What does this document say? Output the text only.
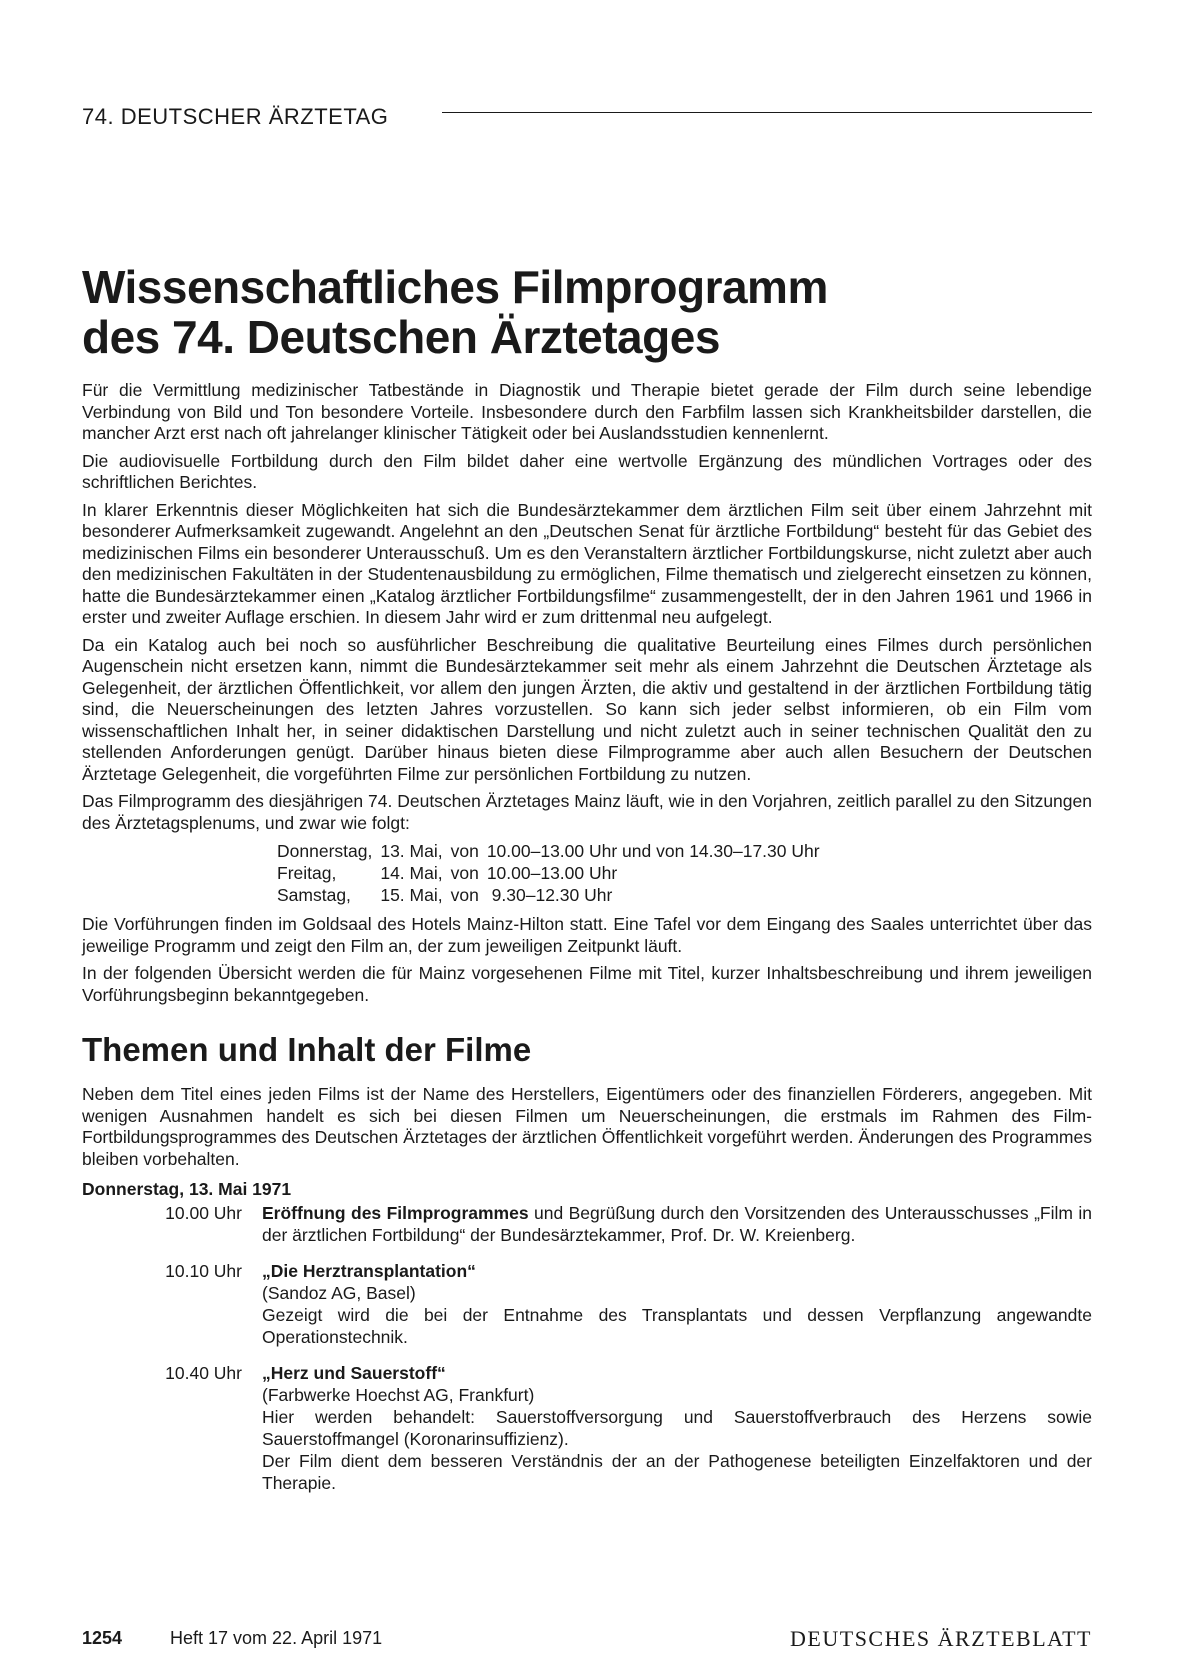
74. DEUTSCHER ÄRZTETAG
Wissenschaftliches Filmprogramm
des 74. Deutschen Ärztetages

Für die Vermittlung medizinischer Tatbestände in Diagnostik und Therapie bietet gerade der Film durch seine lebendige Verbindung von Bild und Ton besondere Vorteile. Insbesondere durch den Farbfilm lassen sich Krankheitsbilder darstellen, die mancher Arzt erst nach oft jahrelanger klinischer Tätigkeit oder bei Auslandsstudien kennenlernt.

Die audiovisuelle Fortbildung durch den Film bildet daher eine wertvolle Ergänzung des mündlichen Vortrages oder des schriftlichen Berichtes.

In klarer Erkenntnis dieser Möglichkeiten hat sich die Bundesärztekammer dem ärztlichen Film seit über einem Jahrzehnt mit besonderer Aufmerksamkeit zugewandt. Angelehnt an den „Deutschen Senat für ärztliche Fortbildung“ besteht für das Gebiet des medizinischen Films ein besonderer Unterausschuß. Um es den Veranstaltern ärztlicher Fortbildungskurse, nicht zuletzt aber auch den medizinischen Fakultäten in der Studentenausbildung zu ermöglichen, Filme thematisch und zielgerecht einsetzen zu können, hatte die Bundesärztekammer einen „Katalog ärztlicher Fortbildungsfilme“ zusammengestellt, der in den Jahren 1961 und 1966 in erster und zweiter Auflage erschien. In diesem Jahr wird er zum drittenmal neu aufgelegt.

Da ein Katalog auch bei noch so ausführlicher Beschreibung die qualitative Beurteilung eines Filmes durch persönlichen Augenschein nicht ersetzen kann, nimmt die Bundesärztekammer seit mehr als einem Jahrzehnt die Deutschen Ärztetage als Gelegenheit, der ärztlichen Öffentlichkeit, vor allem den jungen Ärzten, die aktiv und gestaltend in der ärztlichen Fortbildung tätig sind, die Neuerscheinungen des letzten Jahres vorzustellen. So kann sich jeder selbst informieren, ob ein Film vom wissenschaftlichen Inhalt her, in seiner didaktischen Darstellung und nicht zuletzt auch in seiner technischen Qualität den zu stellenden Anforderungen genügt. Darüber hinaus bieten diese Filmprogramme aber auch allen Besuchern der Deutschen Ärztetage Gelegenheit, die vorgeführten Filme zur persönlichen Fortbildung zu nutzen.

Das Filmprogramm des diesjährigen 74. Deutschen Ärztetages Mainz läuft, wie in den Vorjahren, zeitlich parallel zu den Sitzungen des Ärztetagsplenums, und zwar wie folgt:

Donnerstag,	13. Mai,	von	10.00–13.00 Uhr und von 14.30–17.30 Uhr
Freitag,	14. Mai,	von	10.00–13.00 Uhr
Samstag,	15. Mai,	von	9.30–12.30 Uhr

Die Vorführungen finden im Goldsaal des Hotels Mainz-Hilton statt. Eine Tafel vor dem Eingang des Saales unterrichtet über das jeweilige Programm und zeigt den Film an, der zum jeweiligen Zeitpunkt läuft.

In der folgenden Übersicht werden die für Mainz vorgesehenen Filme mit Titel, kurzer Inhaltsbeschreibung und ihrem jeweiligen Vorführungsbeginn bekanntgegeben.

Themen und Inhalt der Filme

Neben dem Titel eines jeden Films ist der Name des Herstellers, Eigentümers oder des finanziellen Förderers, angegeben. Mit wenigen Ausnahmen handelt es sich bei diesen Filmen um Neuerscheinungen, die erstmals im Rahmen des Film-Fortbildungsprogrammes des Deutschen Ärztetages der ärztlichen Öffentlichkeit vorgeführt werden. Änderungen des Programmes bleiben vorbehalten.

Donnerstag, 13. Mai 1971
10.00 Uhr	Eröffnung des Filmprogrammes und Begrüßung durch den Vorsitzenden des Unterausschusses „Film in der ärztlichen Fortbildung“ der Bundesärztekammer, Prof. Dr. W. Kreienberg.
10.10 Uhr	„Die Herztransplantation“
(Sandoz AG, Basel)
Gezeigt wird die bei der Entnahme des Transplantats und dessen Verpflanzung angewandte Operationstechnik.
10.40 Uhr	„Herz und Sauerstoff“
(Farbwerke Hoechst AG, Frankfurt)
Hier werden behandelt: Sauerstoffversorgung und Sauerstoffverbrauch des Herzens sowie Sauerstoffmangel (Koronarinsuffizienz).
Der Film dient dem besseren Verständnis der an der Pathogenese beteiligten Einzelfaktoren und der Therapie.
1254	Heft 17 vom 22. April 1971	DEUTSCHES ÄRZTEBLATT
